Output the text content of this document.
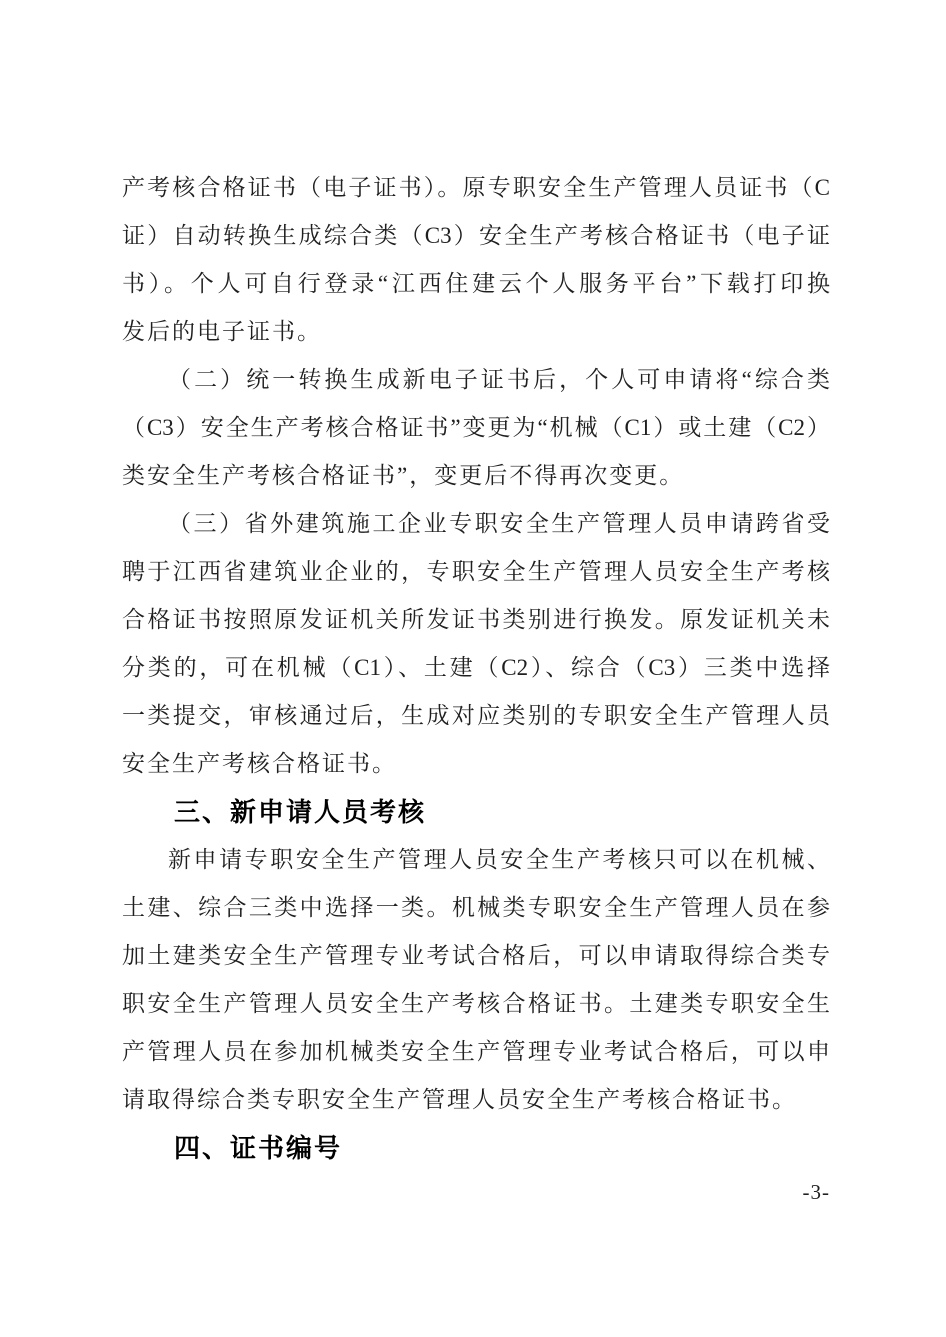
产考核合格证书（电子证书）。原专职安全生产管理人员证书（C
证）自动转换生成综合类（C3）安全生产考核合格证书（电子证
书）。个人可自行登录“江西住建云个人服务平台”下载打印换
发后的电子证书。
（二）统一转换生成新电子证书后，个人可申请将“综合类
（C3）安全生产考核合格证书”变更为“机械（C1）或土建（C2）
类安全生产考核合格证书”，变更后不得再次变更。
（三）省外建筑施工企业专职安全生产管理人员申请跨省受
聘于江西省建筑业企业的，专职安全生产管理人员安全生产考核
合格证书按照原发证机关所发证书类别进行换发。原发证机关未
分类的，可在机械（C1）、土建（C2）、综合（C3）三类中选择
一类提交，审核通过后，生成对应类别的专职安全生产管理人员
安全生产考核合格证书。
三、新申请人员考核
新申请专职安全生产管理人员安全生产考核只可以在机械、
土建、综合三类中选择一类。机械类专职安全生产管理人员在参
加土建类安全生产管理专业考试合格后，可以申请取得综合类专
职安全生产管理人员安全生产考核合格证书。土建类专职安全生
产管理人员在参加机械类安全生产管理专业考试合格后，可以申
请取得综合类专职安全生产管理人员安全生产考核合格证书。
四、证书编号
-3-
